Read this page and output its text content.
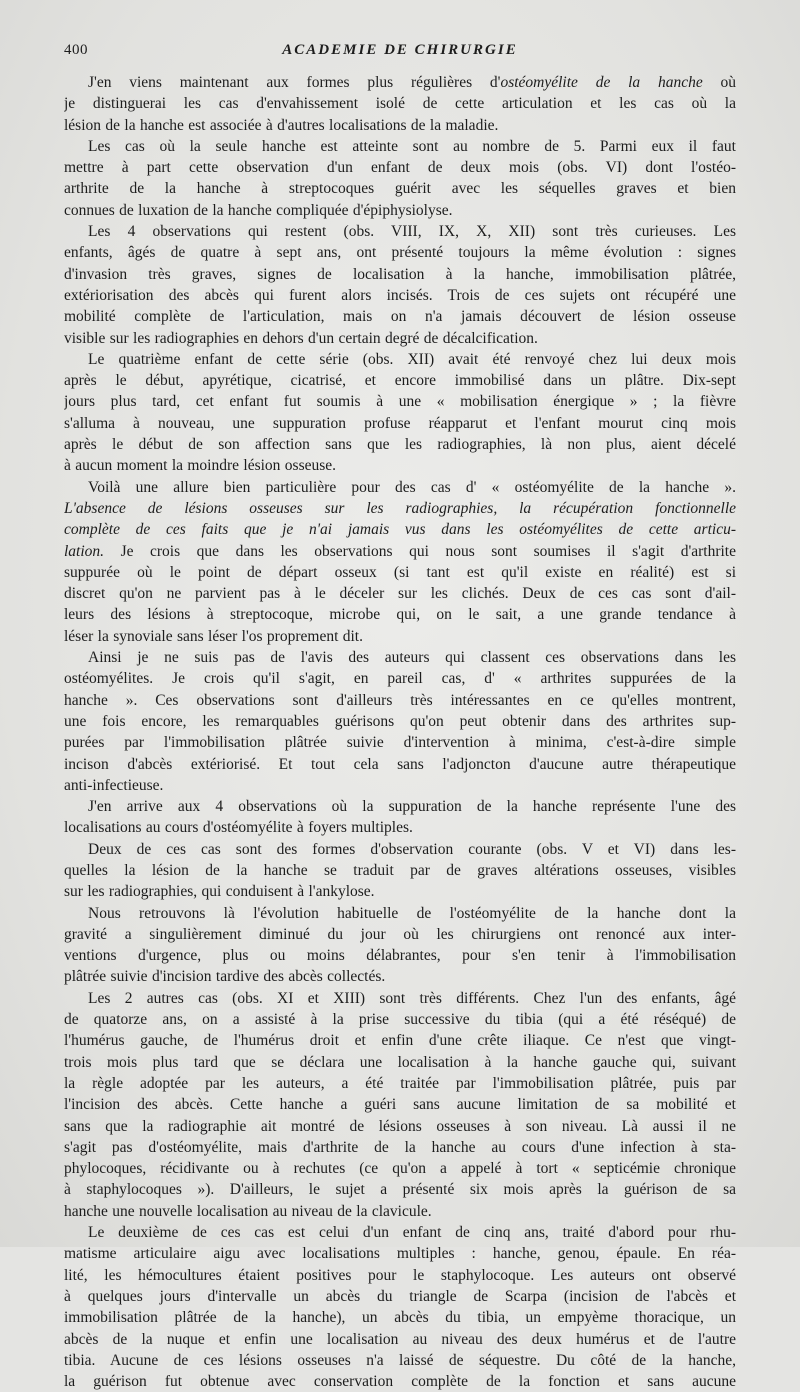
400	ACADEMIE DE CHIRURGIE
J'en viens maintenant aux formes plus régulières d'ostéomyélite de la hanche où
je distinguerai les cas d'envahissement isolé de cette articulation et les cas où la
lésion de la hanche est associée à d'autres localisations de la maladie.
Les cas où la seule hanche est atteinte sont au nombre de 5. Parmi eux il faut
mettre à part cette observation d'un enfant de deux mois (obs. VI) dont l'ostéo-
arthrite de la hanche à streptocoques guérit avec les séquelles graves et bien
connues de luxation de la hanche compliquée d'épiphysiolyse.
Les 4 observations qui restent (obs. VIII, IX, X, XII) sont très curieuses. Les
enfants, âgés de quatre à sept ans, ont présenté toujours la même évolution : signes
d'invasion très graves, signes de localisation à la hanche, immobilisation plâtrée,
extériorisation des abcès qui furent alors incisés. Trois de ces sujets ont récupéré une
mobilité complète de l'articulation, mais on n'a jamais découvert de lésion osseuse
visible sur les radiographies en dehors d'un certain degré de décalcification.
Le quatrième enfant de cette série (obs. XII) avait été renvoyé chez lui deux mois
après le début, apyrétique, cicatrisé, et encore immobilisé dans un plâtre. Dix-sept
jours plus tard, cet enfant fut soumis à une « mobilisation énergique » ; la fièvre
s'alluma à nouveau, une suppuration profuse réapparut et l'enfant mourut cinq mois
après le début de son affection sans que les radiographies, là non plus, aient décelé
à aucun moment la moindre lésion osseuse.
Voilà une allure bien particulière pour des cas d' « ostéomyélite de la hanche ».
L'absence de lésions osseuses sur les radiographies, la récupération fonctionnelle
complète de ces faits que je n'ai jamais vus dans les ostéomyélites de cette articu-
lation. Je crois que dans les observations qui nous sont soumises il s'agit d'arthrite
suppurée où le point de départ osseux (si tant est qu'il existe en réalité) est si
discret qu'on ne parvient pas à le déceler sur les clichés. Deux de ces cas sont d'ail-
leurs des lésions à streptocoque, microbe qui, on le sait, a une grande tendance à
léser la synoviale sans léser l'os proprement dit.
Ainsi je ne suis pas de l'avis des auteurs qui classent ces observations dans les
ostéomyélites. Je crois qu'il s'agit, en pareil cas, d' « arthrites suppurées de la
hanche ». Ces observations sont d'ailleurs très intéressantes en ce qu'elles montrent,
une fois encore, les remarquables guérisons qu'on peut obtenir dans des arthrites sup-
purées par l'immobilisation plâtrée suivie d'intervention à minima, c'est-à-dire simple
incison d'abcès extériorisé. Et tout cela sans l'adjoncton d'aucune autre thérapeutique
anti-infectieuse.
J'en arrive aux 4 observations où la suppuration de la hanche représente l'une des
localisations au cours d'ostéomyélite à foyers multiples.
Deux de ces cas sont des formes d'observation courante (obs. V et VI) dans les-
quelles la lésion de la hanche se traduit par de graves altérations osseuses, visibles
sur les radiographies, qui conduisent à l'ankylose.
Nous retrouvons là l'évolution habituelle de l'ostéomyélite de la hanche dont la
gravité a singulièrement diminué du jour où les chirurgiens ont renoncé aux inter-
ventions d'urgence, plus ou moins délabrantes, pour s'en tenir à l'immobilisation
plâtrée suivie d'incision tardive des abcès collectés.
Les 2 autres cas (obs. XI et XIII) sont très différents. Chez l'un des enfants, âgé
de quatorze ans, on a assisté à la prise successive du tibia (qui a été réséqué) de
l'humérus gauche, de l'humérus droit et enfin d'une crête iliaque. Ce n'est que vingt-
trois mois plus tard que se déclara une localisation à la hanche gauche qui, suivant
la règle adoptée par les auteurs, a été traitée par l'immobilisation plâtrée, puis par
l'incision des abcès. Cette hanche a guéri sans aucune limitation de sa mobilité et
sans que la radiographie ait montré de lésions osseuses à son niveau. Là aussi il ne
s'agit pas d'ostéomyélite, mais d'arthrite de la hanche au cours d'une infection à sta-
phylocoques, récidivante ou à rechutes (ce qu'on a appelé à tort « septicémie chronique
à staphylocoques »). D'ailleurs, le sujet a présenté six mois après la guérison de sa
hanche une nouvelle localisation au niveau de la clavicule.
Le deuxième de ces cas est celui d'un enfant de cinq ans, traité d'abord pour rhu-
matisme articulaire aigu avec localisations multiples : hanche, genou, épaule. En réa-
lité, les hémocultures étaient positives pour le staphylocoque. Les auteurs ont observé
à quelques jours d'intervalle un abcès du triangle de Scarpa (incision de l'abcès et
immobilisation plâtrée de la hanche), un abcès du tibia, un empyème thoracique, un
abcès de la nuque et enfin une localisation au niveau des deux humérus et de l'autre
tibia. Aucune de ces lésions osseuses n'a laissé de séquestre. Du côté de la hanche,
la guérison fut obtenue avec conservation complète de la fonction et sans aucune
